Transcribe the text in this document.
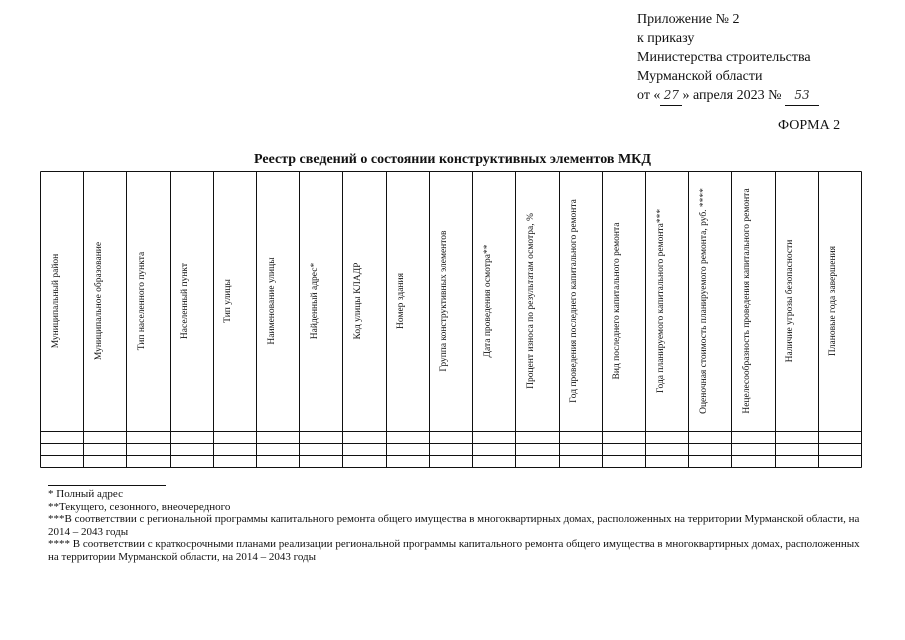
Приложение № 2
к приказу
Министерства строительства
Мурманской области
от « 27 » апреля 2023 № 53
ФОРМА 2
Реестр сведений о состоянии конструктивных элементов МКД
Муниципальный район	Муниципальное образование	Тип населенного пункта	Населенный пункт	Тип улицы	Наименование улицы	Найденный адрес*	Код улицы КЛАДР	Номер здания	Группа конструктивных элементов	Дата проведения осмотра**	Процент износа по результатам осмотра, %	Год проведения последнего капитального ремонта	Вид последнего капитального ремонта	Года планируемого капитального ремонта***	Оценочная стоимость планируемого ремонта, руб. ****	Нецелесообразность проведения капитального ремонта	Наличие угрозы безопасности	Плановые года завершения
* Полный адрес
**Текущего, сезонного, внеочередного
***В соответствии с региональной программы капитального ремонта общего имущества в многоквартирных домах, расположенных на территории Мурманской области, на 2014 – 2043 годы
**** В соответствии с краткосрочными планами реализации региональной программы капитального ремонта общего имущества в многоквартирных домах, расположенных на территории Мурманской области, на 2014 – 2043 годы
